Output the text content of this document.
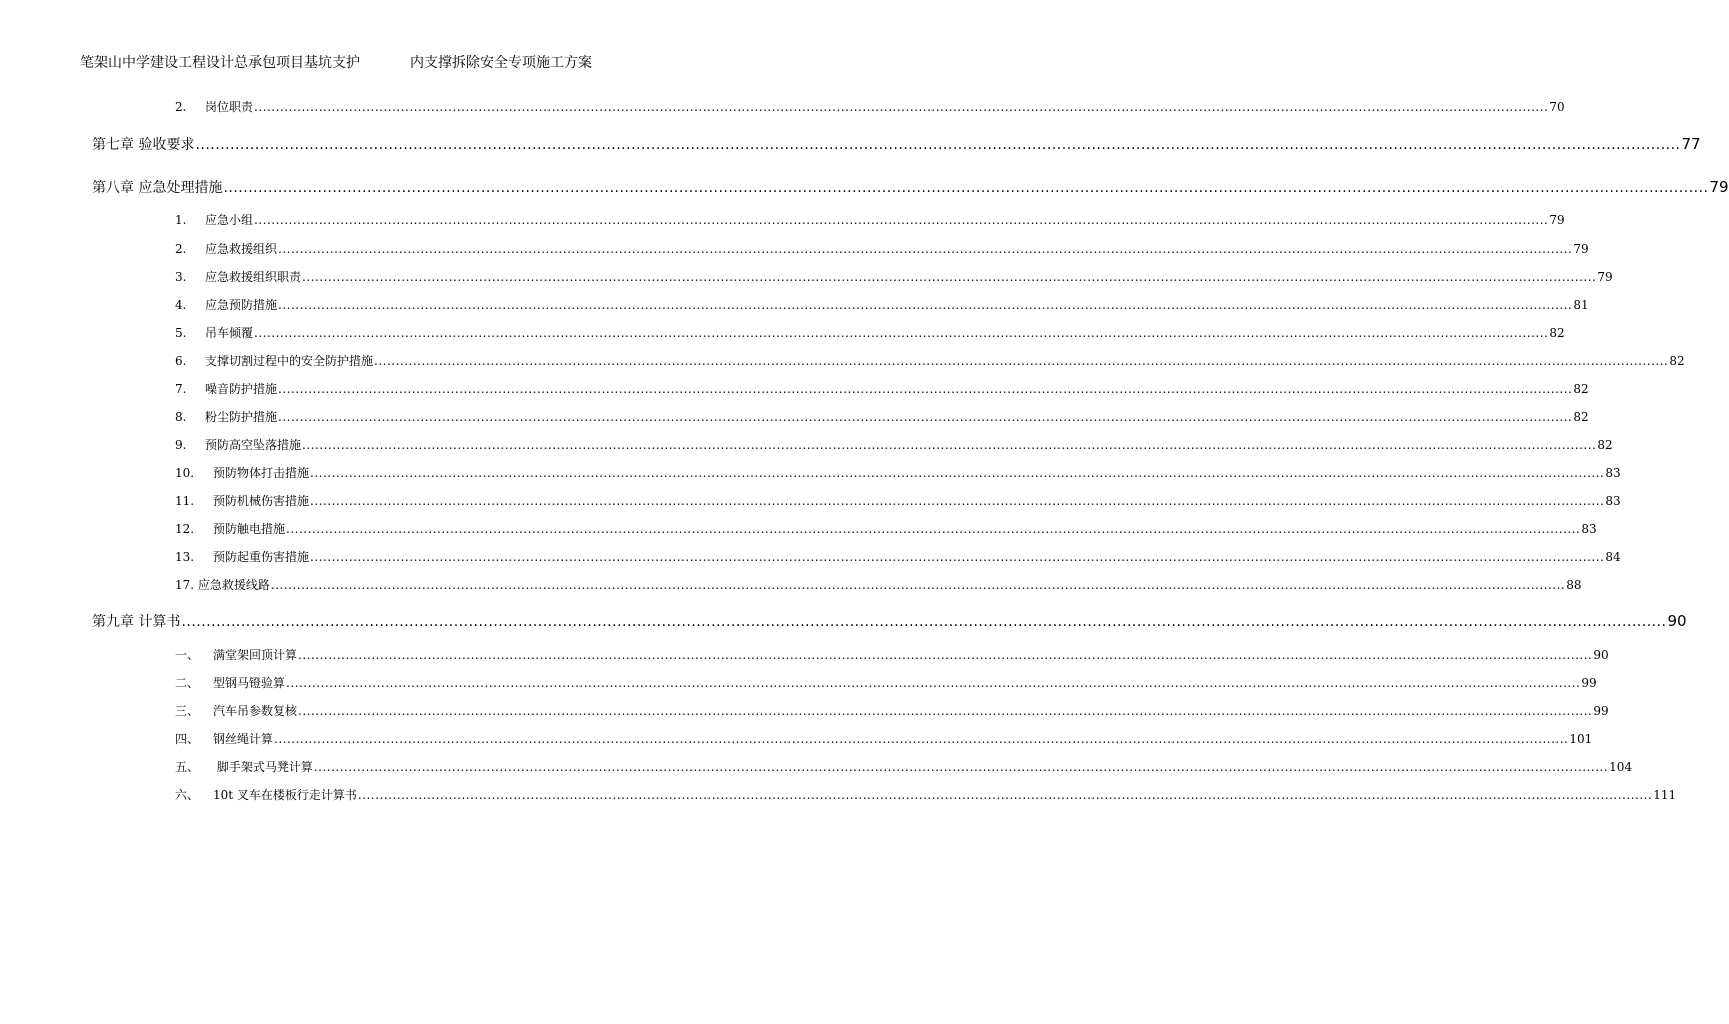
笔架山中学建设工程设计总承包项目基坑支护	内支撑拆除安全专项施工方案
2. 岗位职责 ............................................................................................................................................................................................................................................................................................................ 70
第七章 验收要求 ............................................................................................................................................................................................................................................................................................................ 77
第八章 应急处理措施 ............................................................................................................................................................................................................................................................................................................ 79
1. 应急小组 ............................................................................................................................................................................................................................................................................................................ 79
2. 应急救援组织 ............................................................................................................................................................................................................................................................................................................ 79
3. 应急救援组织职责 ............................................................................................................................................................................................................................................................................................................ 79
4. 应急预防措施 ............................................................................................................................................................................................................................................................................................................ 81
5. 吊车倾覆 ............................................................................................................................................................................................................................................................................................................ 82
6. 支撑切割过程中的安全防护措施 ............................................................................................................................................................................................................................................................................................................ 82
7. 噪音防护措施 ............................................................................................................................................................................................................................................................................................................ 82
8. 粉尘防护措施 ............................................................................................................................................................................................................................................................................................................ 82
9. 预防高空坠落措施 ............................................................................................................................................................................................................................................................................................................ 82
10. 预防物体打击措施 ............................................................................................................................................................................................................................................................................................................ 83
11. 预防机械伤害措施 ............................................................................................................................................................................................................................................................................................................ 83
12. 预防触电措施 ............................................................................................................................................................................................................................................................................................................ 83
13. 预防起重伤害措施 ............................................................................................................................................................................................................................................................................................................ 84
17. 应急救援线路 ............................................................................................................................................................................................................................................................................................................ 88
第九章 计算书 ............................................................................................................................................................................................................................................................................................................ 90
一、 满堂架回顶计算 ............................................................................................................................................................................................................................................................................................................ 90
二、 型钢马镫验算 ............................................................................................................................................................................................................................................................................................................ 99
三、 汽车吊参数复核 ............................................................................................................................................................................................................................................................................................................ 99
四、 钢丝绳计算 ............................................................................................................................................................................................................................................................................................................ 101
五、 脚手架式马凳计算 ............................................................................................................................................................................................................................................................................................................ 104
六、 10t 叉车在楼板行走计算书 ............................................................................................................................................................................................................................................................................................................ 111
